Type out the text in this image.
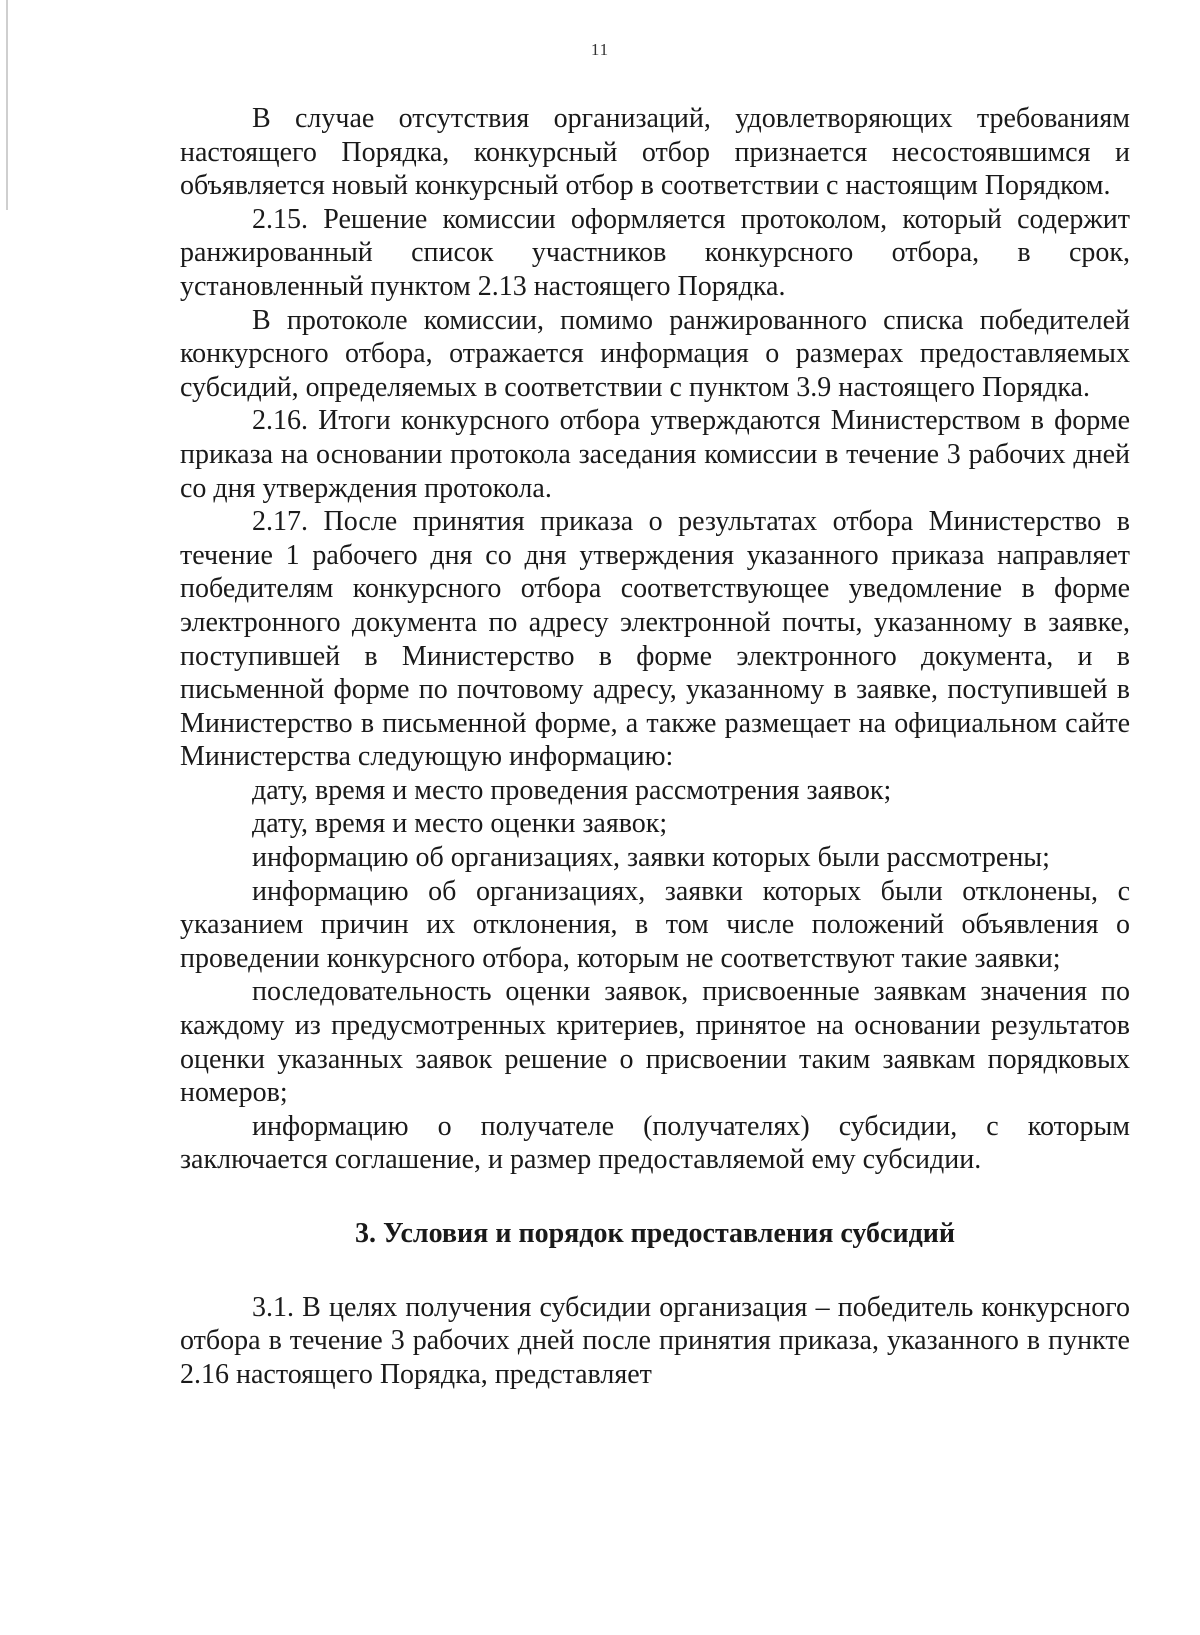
11

В случае отсутствия организаций, удовлетворяющих требованиям настоящего Порядка, конкурсный отбор признается несостоявшимся и объявляется новый конкурсный отбор в соответствии с настоящим Порядком.

2.15. Решение комиссии оформляется протоколом, который содержит ранжированный список участников конкурсного отбора, в срок, установленный пунктом 2.13 настоящего Порядка.

В протоколе комиссии, помимо ранжированного списка победителей конкурсного отбора, отражается информация о размерах предоставляемых субсидий, определяемых в соответствии с пунктом 3.9 настоящего Порядка.

2.16. Итоги конкурсного отбора утверждаются Министерством в форме приказа на основании протокола заседания комиссии в течение 3 рабочих дней со дня утверждения протокола.

2.17. После принятия приказа о результатах отбора Министерство в течение 1 рабочего дня со дня утверждения указанного приказа направляет победителям конкурсного отбора соответствующее уведомление в форме электронного документа по адресу электронной почты, указанному в заявке, поступившей в Министерство в форме электронного документа, и в письменной форме по почтовому адресу, указанному в заявке, поступившей в Министерство в письменной форме, а также размещает на официальном сайте Министерства следующую информацию:

дату, время и место проведения рассмотрения заявок;

дату, время и место оценки заявок;

информацию об организациях, заявки которых были рассмотрены;

информацию об организациях, заявки которых были отклонены, с указанием причин их отклонения, в том числе положений объявления о проведении конкурсного отбора, которым не соответствуют такие заявки;

последовательность оценки заявок, присвоенные заявкам значения по каждому из предусмотренных критериев, принятое на основании результатов оценки указанных заявок решение о присвоении таким заявкам порядковых номеров;

информацию о получателе (получателях) субсидии, с которым заключается соглашение, и размер предоставляемой ему субсидии.

3. Условия и порядок предоставления субсидий

3.1. В целях получения субсидии организация – победитель конкурсного отбора в течение 3 рабочих дней после принятия приказа, указанного в пункте 2.16 настоящего Порядка, представляет
